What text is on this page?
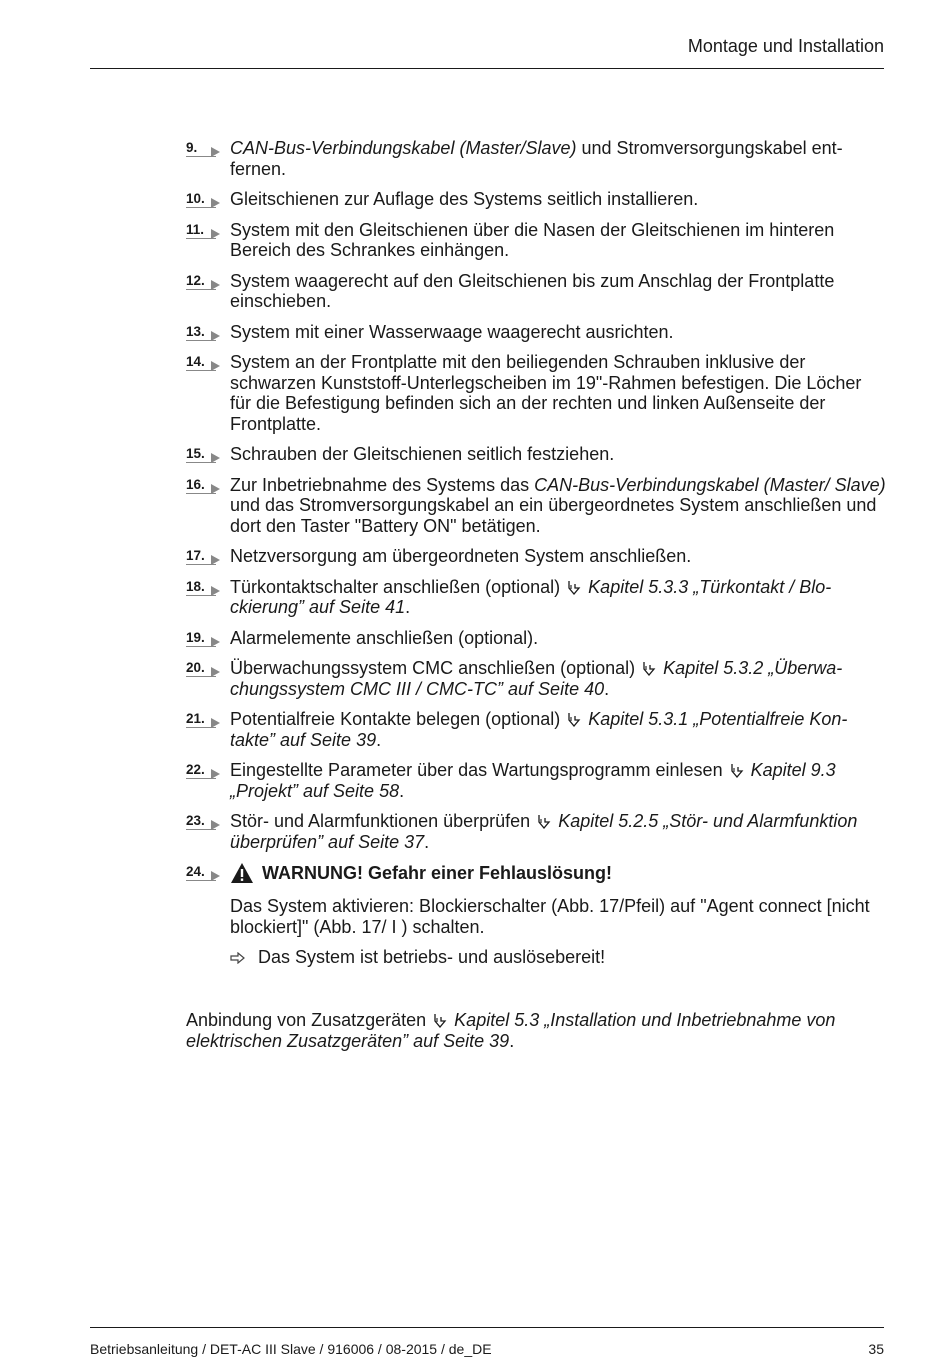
Montage und Installation
9.	CAN-Bus-Verbindungskabel (Master/Slave) und Stromversorgungskabel entfernen.
10.	Gleitschienen zur Auflage des Systems seitlich installieren.
11.	System mit den Gleitschienen über die Nasen der Gleitschienen im hinteren Bereich des Schrankes einhängen.
12.	System waagerecht auf den Gleitschienen bis zum Anschlag der Frontplatte einschieben.
13.	System mit einer Wasserwaage waagerecht ausrichten.
14.	System an der Frontplatte mit den beiliegenden Schrauben inklusive der schwarzen Kunststoff-Unterlegscheiben im 19"-Rahmen befestigen. Die Löcher für die Befestigung befinden sich an der rechten und linken Außenseite der Frontplatte.
15.	Schrauben der Gleitschienen seitlich festziehen.
16.	Zur Inbetriebnahme des Systems das CAN-Bus-Verbindungskabel (Master/ Slave) und das Stromversorgungskabel an ein übergeordnetes System anschließen und dort den Taster "Battery ON" betätigen.
17.	Netzversorgung am übergeordneten System anschließen.
18.	Türkontaktschalter anschließen (optional)  Kapitel 5.3.3 „Türkontakt / Blockierung” auf Seite 41.
19.	Alarmelemente anschließen (optional).
20.	Überwachungssystem CMC anschließen (optional)  Kapitel 5.3.2 „Überwachungssystem CMC III / CMC-TC” auf Seite 40.
21.	Potentialfreie Kontakte belegen (optional)  Kapitel 5.3.1 „Potentialfreie Kontakte” auf Seite 39.
22.	Eingestellte Parameter über das Wartungsprogramm einlesen  Kapitel 9.3 „Projekt” auf Seite 58.
23.	Stör- und Alarmfunktionen überprüfen  Kapitel 5.2.5 „Stör- und Alarmfunktion überprüfen” auf Seite 37.
24.	WARNUNG! Gefahr einer Fehlauslösung!
Das System aktivieren: Blockierschalter (Abb. 17/Pfeil) auf "Agent connect [nicht blockiert]" (Abb. 17/ I ) schalten.
Das System ist betriebs- und auslösebereit!
Anbindung von Zusatzgeräten  Kapitel 5.3 „Installation und Inbetriebnahme von elektrischen Zusatzgeräten” auf Seite 39.
Betriebsanleitung / DET-AC III Slave / 916006 / 08-2015 / de_DE	35
